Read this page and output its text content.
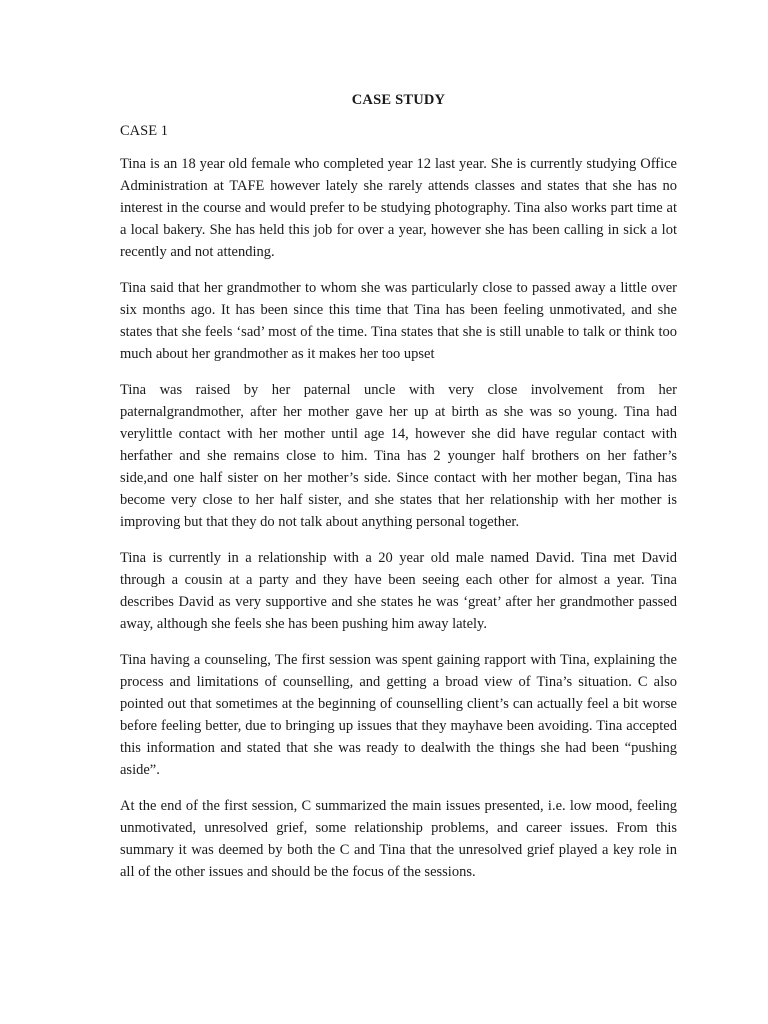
CASE STUDY
CASE 1

Tina is an 18 year old female who completed year 12 last year. She is currently studying Office Administration at TAFE however lately she rarely attends classes and states that she has no interest in the course and would prefer to be studying photography. Tina also works part time at a local bakery. She has held this job for over a year, however she has been calling in sick a lot recently and not attending.

Tina said that her grandmother to whom she was particularly close to passed away a little over six months ago. It has been since this time that Tina has been feeling unmotivated, and she states that she feels ‘sad’ most of the time. Tina states that she is still unable to talk or think too much about her grandmother as it makes her too upset

Tina was raised by her paternal uncle with very close involvement from her paternalgrandmother, after her mother gave her up at birth as she was so young. Tina had verylittle contact with her mother until age 14, however she did have regular contact with herfather and she remains close to him. Tina has 2 younger half brothers on her father’s side,and one half sister on her mother’s side. Since contact with her mother began, Tina has become very close to her half sister, and she states that her relationship with her mother is improving but that they do not talk about anything personal together.

Tina is currently in a relationship with a 20 year old male named David. Tina met David through a cousin at a party and they have been seeing each other for almost a year. Tina describes David as very supportive and she states he was ‘great’ after her grandmother passed away, although she feels she has been pushing him away lately.

Tina having a counseling, The first session was spent gaining rapport with Tina, explaining the process and limitations of counselling, and getting a broad view of Tina’s situation. C also pointed out that sometimes at the beginning of counselling client’s can actually feel a bit worse before feeling better, due to bringing up issues that they mayhave been avoiding. Tina accepted this information and stated that she was ready to dealwith the things she had been “pushing aside”.

At the end of the first session, C summarized the main issues presented, i.e. low mood, feeling unmotivated, unresolved grief, some relationship problems, and career issues. From this summary it was deemed by both the C and Tina that the unresolved grief played a key role in all of the other issues and should be the focus of the sessions.
